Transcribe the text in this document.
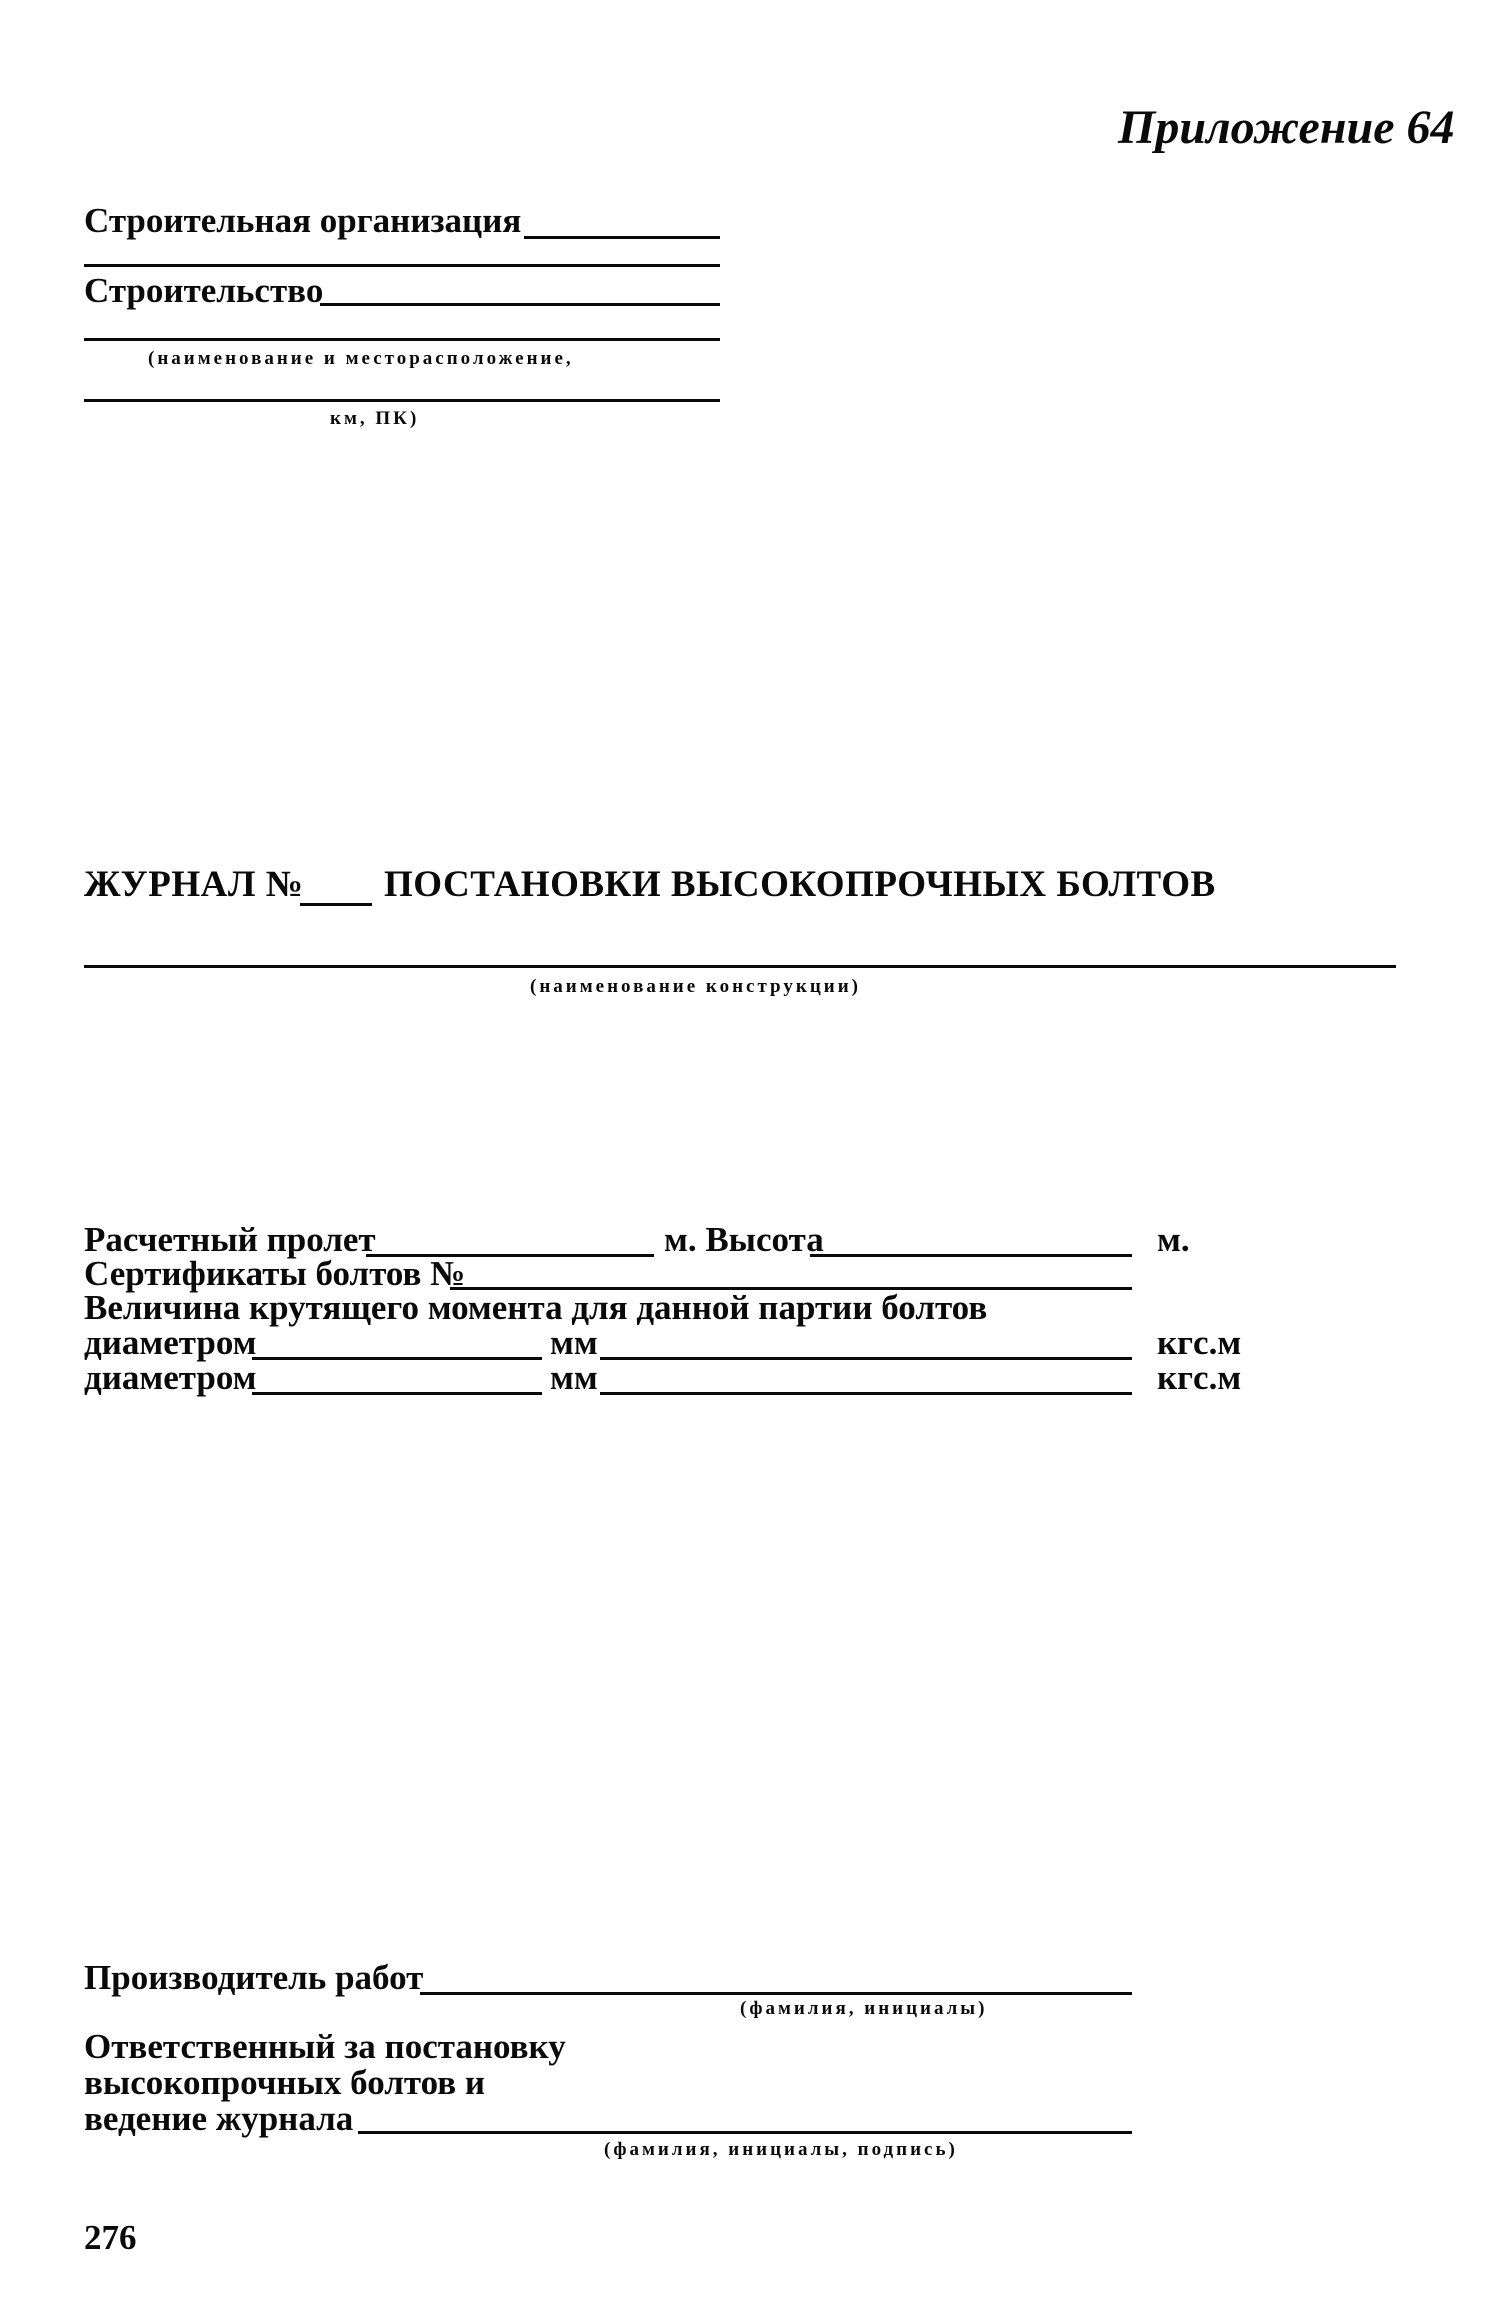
Приложение 64
Строительная организация
Строительство
(наименование и месторасположение,
км, ПК)
ЖУРНАЛ № ПОСТАНОВКИ ВЫСОКОПРОЧНЫХ БОЛТОВ
(наименование конструкции)
Расчетный пролет	м. Высота	м.
Сертификаты болтов №
Величина крутящего момента для данной партии болтов
диаметром	мм	кгс.м
диаметром	мм	кгс.м
Производитель работ
(фамилия, инициалы)
Ответственный за постановку
высокопрочных болтов и
ведение журнала
(фамилия, инициалы, подпись)
276
